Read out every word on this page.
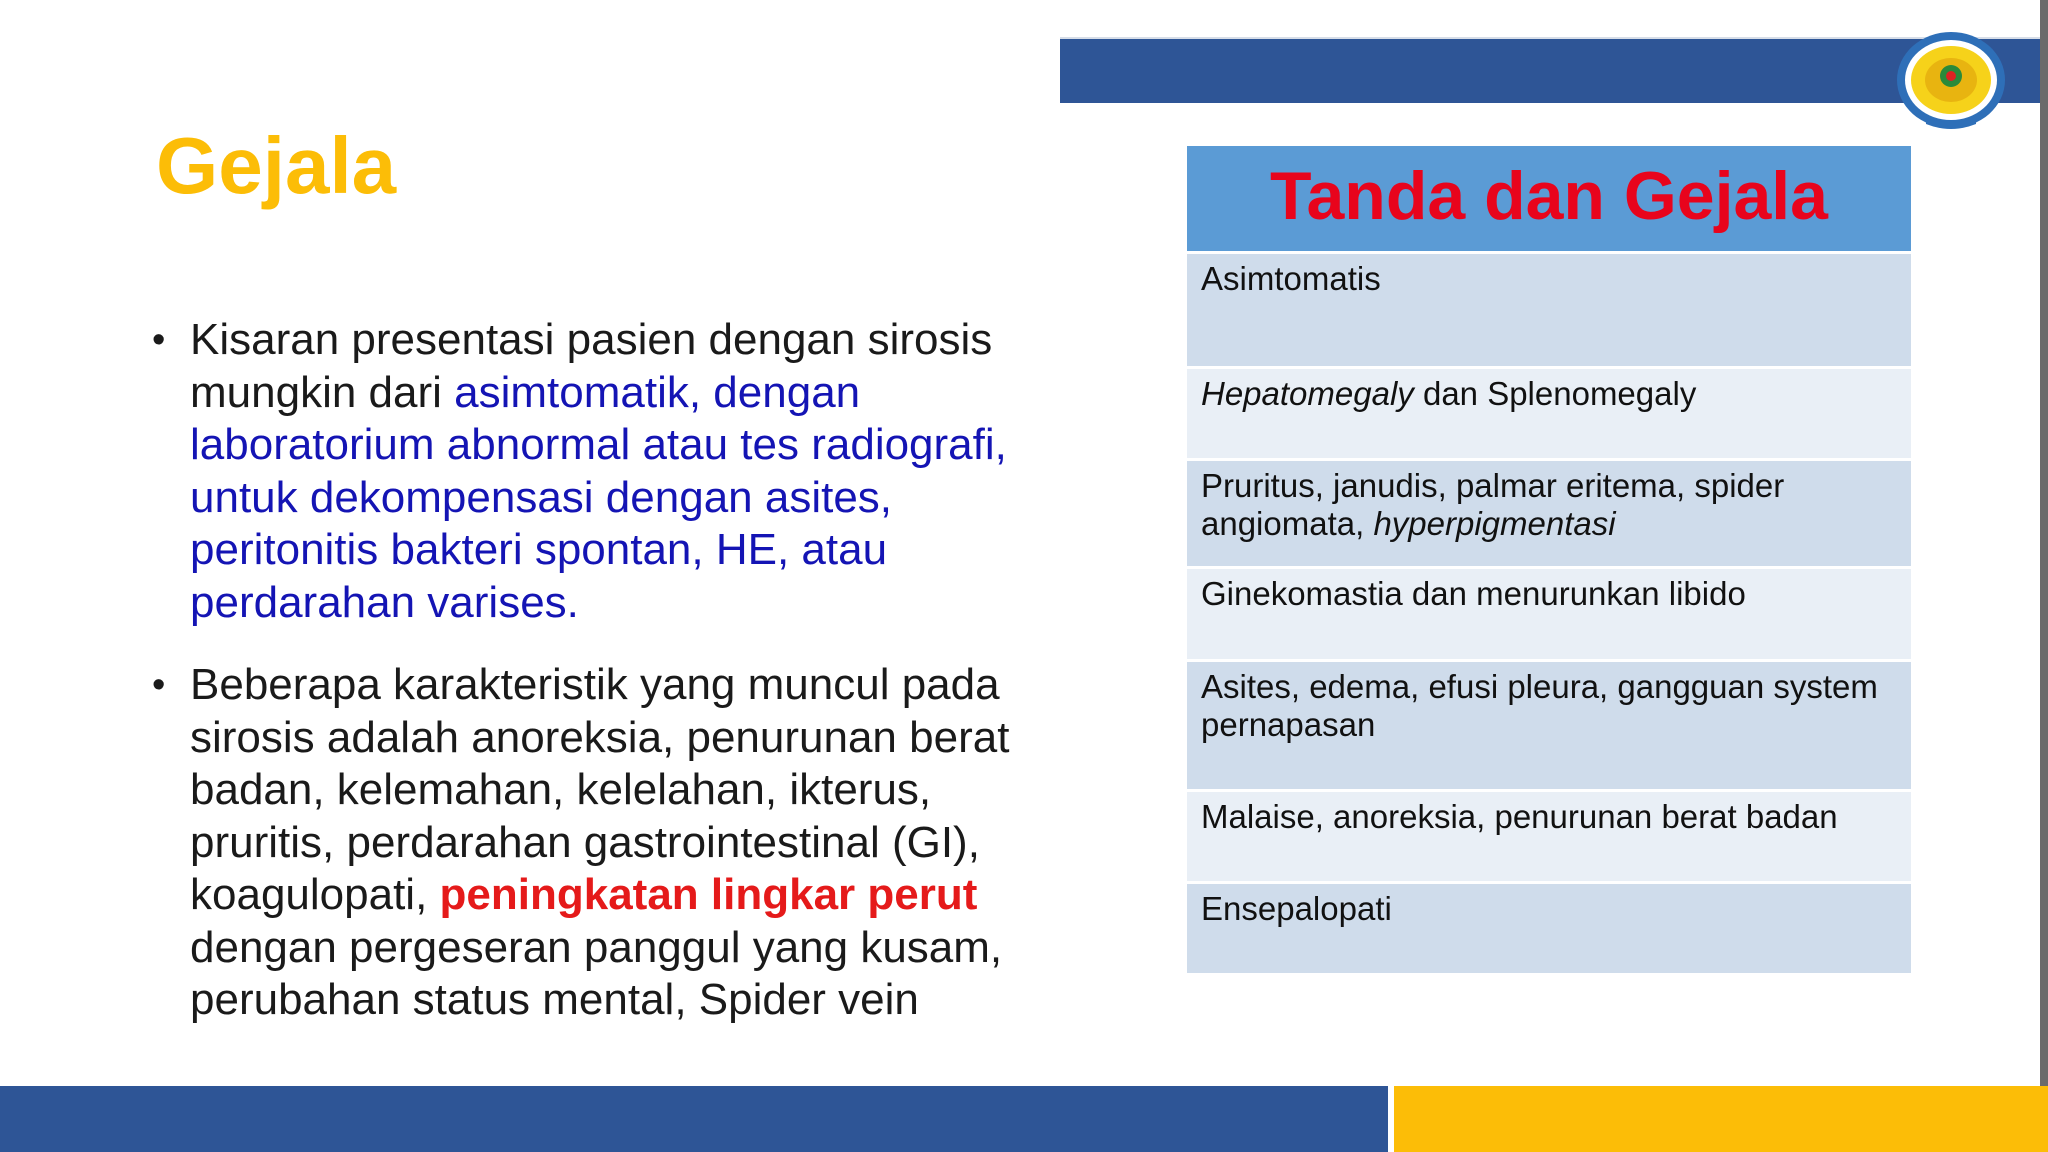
Gejala
• Kisaran presentasi pasien dengan sirosis mungkin dari asimtomatik, dengan laboratorium abnormal atau tes radiografi, untuk dekompensasi dengan asites, peritonitis bakteri spontan, HE, atau perdarahan varises.
• Beberapa karakteristik yang muncul pada sirosis adalah anoreksia, penurunan berat badan, kelemahan, kelelahan, ikterus, pruritis, perdarahan gastrointestinal (GI), koagulopati, peningkatan lingkar perut dengan pergeseran panggul yang kusam, perubahan status mental, Spider vein
Tanda dan Gejala
Asimtomatis
Hepatomegaly dan Splenomegaly
Pruritus, janudis, palmar eritema, spider angiomata, hyperpigmentasi
Ginekomastia dan menurunkan libido
Asites, edema, efusi pleura, gangguan system pernapasan
Malaise, anoreksia, penurunan berat badan
Ensepalopati
